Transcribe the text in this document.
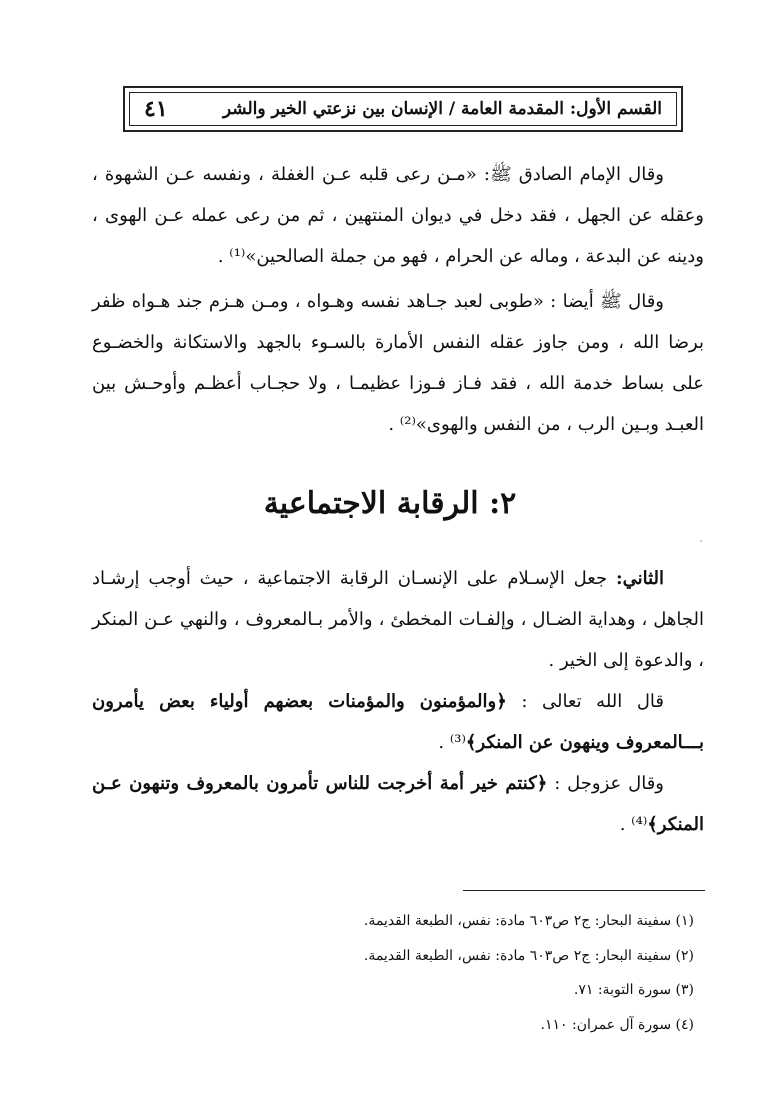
القسم الأول: المقدمة العامة / الإنسان بين نزعتي الخير والشر
٤١

وقال الإمام الصادق ﷺ: «مـن رعى قلبه عـن الغفلة ، ونفسه عـن الشهوة ، وعقله عن الجهل ، فقد دخل في ديوان المنتهين ، ثم من رعى عمله عـن الهوى ، ودينه عن البدعة ، وماله عن الحرام ، فهو من جملة الصالحين»⁽¹⁾ .

وقال ﷺ أيضا : «طوبى لعبد جـاهد نفسه وهـواه ، ومـن هـزم جند هـواه ظفر برضا الله ، ومن جاوز عقله النفس الأمارة بالسـوء بالجهد والاستكانة والخضـوع على بساط خدمة الله ، فقد فـاز فـوزا عظيمـا ، ولا حجـاب أعظـم وأوحـش بين العبـد وبـين الرب ، من النفس والهوى»⁽²⁾ .

٢: الرقابة الاجتماعية

الثاني: جعل الإسـلام على الإنسـان الرقابة الاجتماعية ، حيث أوجب إرشـاد الجاهل ، وهداية الضـال ، وإلفـات المخطئ ، والأمر بـالمعروف ، والنهي عـن المنكر ، والدعوة إلى الخير .

قال الله تعالى : ﴿والمؤمنون والمؤمنات بعضهم أولياء بعض يأمرون بـــالمعروف وينهون عن المنكر﴾⁽³⁾ .

وقال عزوجل : ﴿كنتم خير أمة أخرجت للناس تأمرون بالمعروف وتنهون عـن المنكر﴾⁽⁴⁾ .

(١) سفينة البحار: ج٢ ص٦٠٣ مادة: نفس، الطبعة القديمة.
(٢) سفينة البحار: ج٢ ص٦٠٣ مادة: نفس، الطبعة القديمة.
(٣) سورة التوبة: ٧١.
(٤) سورة آل عمران: ١١٠.
